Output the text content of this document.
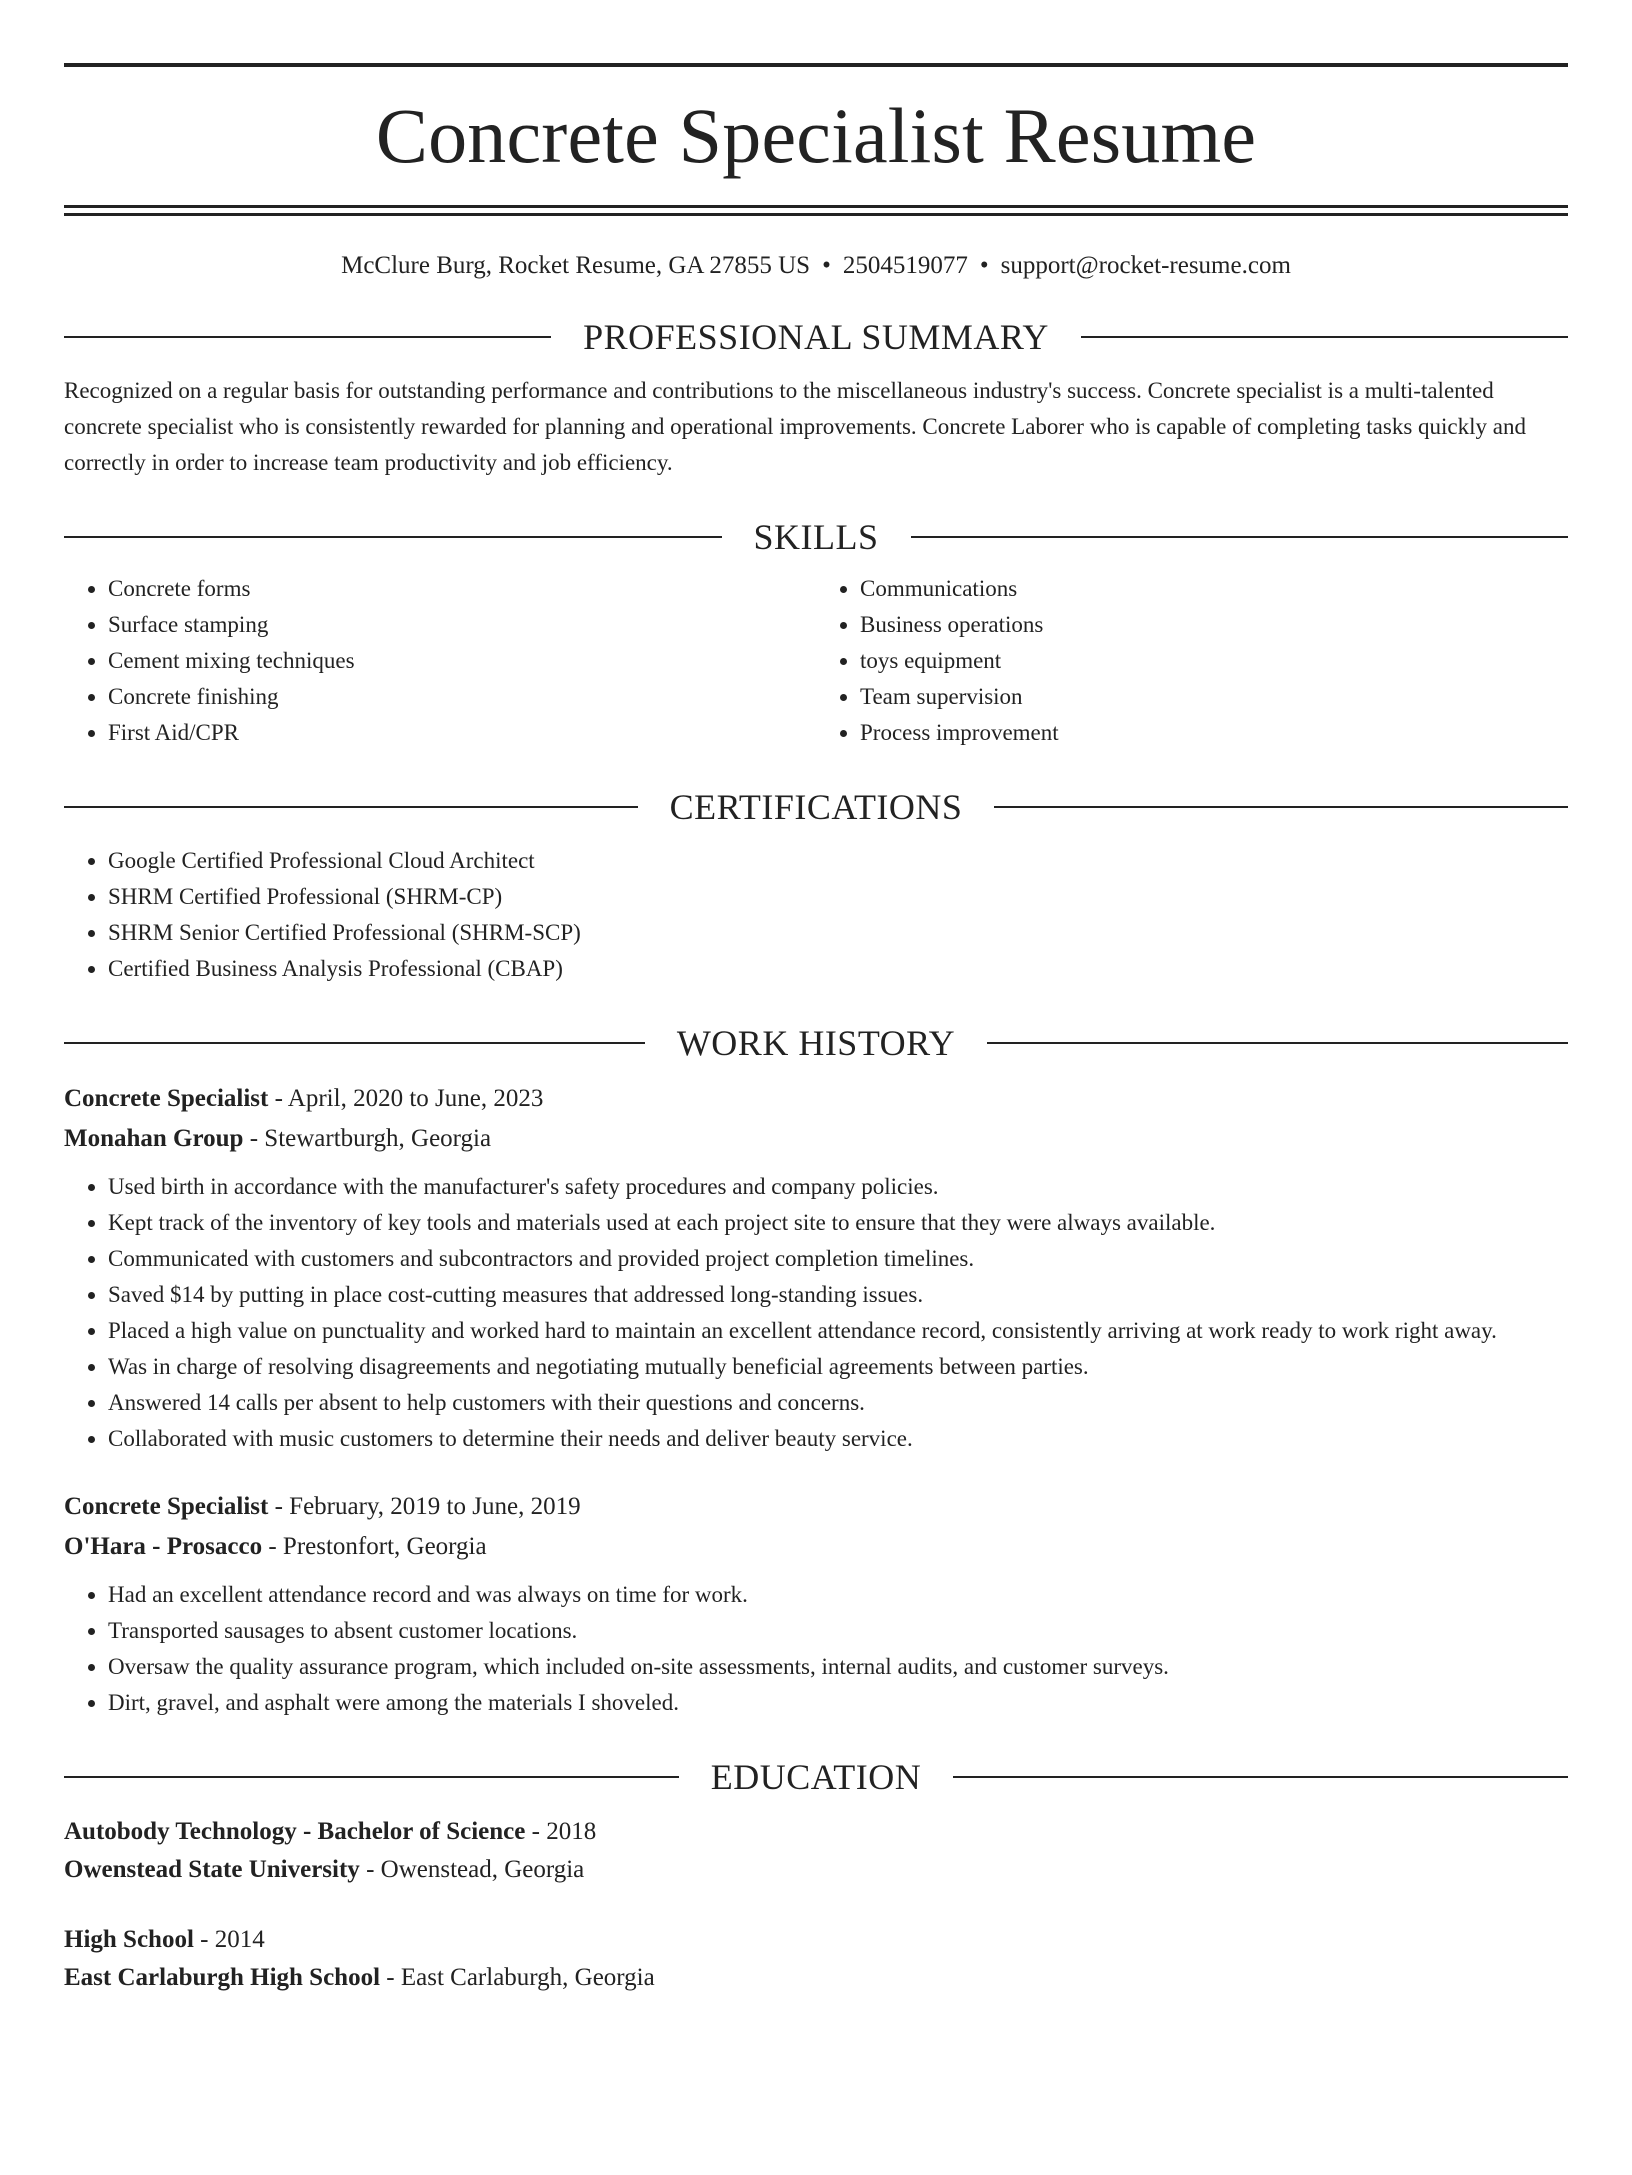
Concrete Specialist Resume
McClure Burg, Rocket Resume, GA 27855 US • 2504519077 • support@rocket-resume.com
PROFESSIONAL SUMMARY
Recognized on a regular basis for outstanding performance and contributions to the miscellaneous industry's success. Concrete specialist is a multi-talented concrete specialist who is consistently rewarded for planning and operational improvements. Concrete Laborer who is capable of completing tasks quickly and correctly in order to increase team productivity and job efficiency.
SKILLS
• Concrete forms
• Surface stamping
• Cement mixing techniques
• Concrete finishing
• First Aid/CPR
• Communications
• Business operations
• toys equipment
• Team supervision
• Process improvement
CERTIFICATIONS
• Google Certified Professional Cloud Architect
• SHRM Certified Professional (SHRM-CP)
• SHRM Senior Certified Professional (SHRM-SCP)
• Certified Business Analysis Professional (CBAP)
WORK HISTORY
Concrete Specialist - April, 2020 to June, 2023
Monahan Group - Stewartburgh, Georgia
• Used birth in accordance with the manufacturer's safety procedures and company policies.
• Kept track of the inventory of key tools and materials used at each project site to ensure that they were always available.
• Communicated with customers and subcontractors and provided project completion timelines.
• Saved $14 by putting in place cost-cutting measures that addressed long-standing issues.
• Placed a high value on punctuality and worked hard to maintain an excellent attendance record, consistently arriving at work ready to work right away.
• Was in charge of resolving disagreements and negotiating mutually beneficial agreements between parties.
• Answered 14 calls per absent to help customers with their questions and concerns.
• Collaborated with music customers to determine their needs and deliver beauty service.
Concrete Specialist - February, 2019 to June, 2019
O'Hara - Prosacco - Prestonfort, Georgia
• Had an excellent attendance record and was always on time for work.
• Transported sausages to absent customer locations.
• Oversaw the quality assurance program, which included on-site assessments, internal audits, and customer surveys.
• Dirt, gravel, and asphalt were among the materials I shoveled.
EDUCATION
Autobody Technology - Bachelor of Science - 2018
Owenstead State University - Owenstead, Georgia
High School - 2014
East Carlaburgh High School - East Carlaburgh, Georgia
